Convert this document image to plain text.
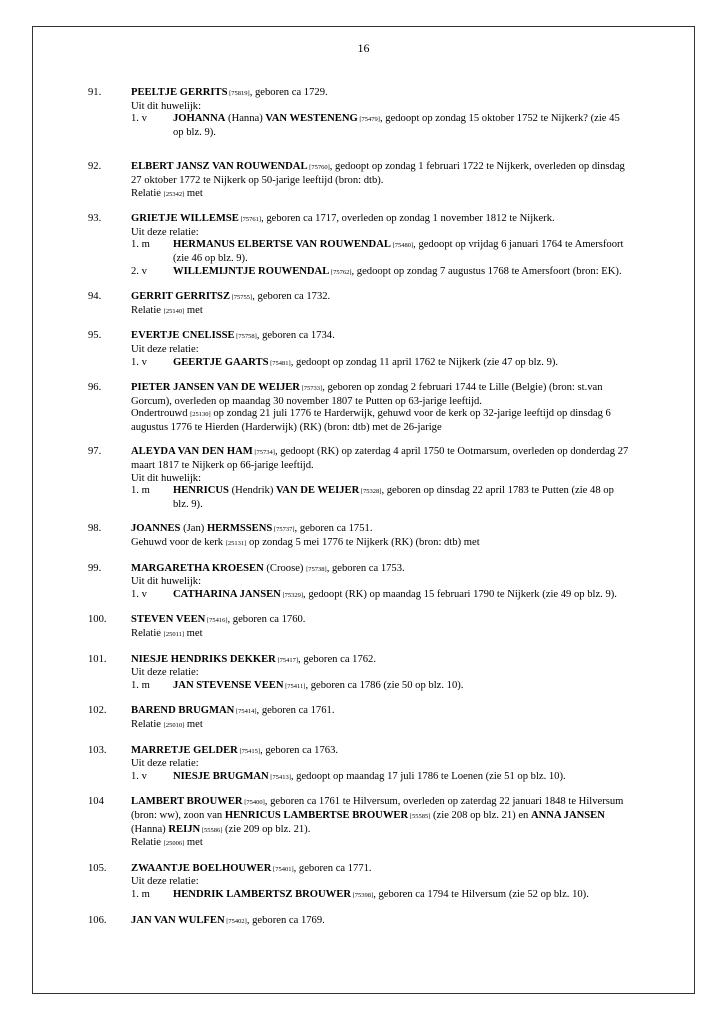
16
91.	PEELTJE GERRITS [75819], geboren ca 1729.
Uit dit huwelijk:
1. v JOHANNA (Hanna) VAN WESTENENG [75479], gedoopt op zondag 15 oktober 1752 te Nijkerk? (zie 45 op blz. 9).
92.	ELBERT JANSZ VAN ROUWENDAL [75760], gedoopt op zondag 1 februari 1722 te Nijkerk, overleden op dinsdag 27 oktober 1772 te Nijkerk op 50-jarige leeftijd (bron: dtb).
Relatie [25342] met
93.	GRIETJE WILLEMSE [75761], geboren ca 1717, overleden op zondag 1 november 1812 te Nijkerk.
Uit deze relatie:
1. m HERMANUS ELBERTSE VAN ROUWENDAL [75480], gedoopt op vrijdag 6 januari 1764 te Amersfoort (zie 46 op blz. 9).
2. v WILLEMIJNTJE ROUWENDAL [75762], gedoopt op zondag 7 augustus 1768 te Amersfoort (bron: EK).
94.	GERRIT GERRITSZ [75755], geboren ca 1732.
Relatie [25140] met
95.	EVERTJE CNELISSE [75758], geboren ca 1734.
Uit deze relatie:
1. v GEERTJE GAARTS [75481], gedoopt op zondag 11 april 1762 te Nijkerk (zie 47 op blz. 9).
96.	PIETER JANSEN VAN DE WEIJER [75733], geboren op zondag 2 februari 1744 te Lille (Belgie) (bron: st.van Gorcum), overleden op maandag 30 november 1807 te Putten op 63-jarige leeftijd.
Ondertrouwd [25130] op zondag 21 juli 1776 te Harderwijk, gehuwd voor de kerk op 32-jarige leeftijd op dinsdag 6 augustus 1776 te Hierden (Harderwijk) (RK) (bron: dtb) met de 26-jarige
97.	ALEYDA VAN DEN HAM [75734], gedoopt (RK) op zaterdag 4 april 1750 te Ootmarsum, overleden op donderdag 27 maart 1817 te Nijkerk op 66-jarige leeftijd.
Uit dit huwelijk:
1. m HENRICUS (Hendrik) VAN DE WEIJER [75328], geboren op dinsdag 22 april 1783 te Putten (zie 48 op blz. 9).
98.	JOANNES (Jan) HERMSSENS [75737], geboren ca 1751.
Gehuwd voor de kerk [25131] op zondag 5 mei 1776 te Nijkerk (RK) (bron: dtb) met
99.	MARGARETHA KROESEN (Croose) [75738], geboren ca 1753.
Uit dit huwelijk:
1. v CATHARINA JANSEN [75329], gedoopt (RK) op maandag 15 februari 1790 te Nijkerk (zie 49 op blz. 9).
100. STEVEN VEEN [75416], geboren ca 1760.
Relatie [25011] met
101. NIESJE HENDRIKS DEKKER [75417], geboren ca 1762.
Uit deze relatie:
1. m JAN STEVENSE VEEN [75411], geboren ca 1786 (zie 50 op blz. 10).
102. BAREND BRUGMAN [75414], geboren ca 1761.
Relatie [25010] met
103. MARRETJE GELDER [75415], geboren ca 1763.
Uit deze relatie:
1. v NIESJE BRUGMAN [75413], gedoopt op maandag 17 juli 1786 te Loenen (zie 51 op blz. 10).
104	LAMBERT BROUWER [75400], geboren ca 1761 te Hilversum, overleden op zaterdag 22 januari 1848 te Hilversum (bron: ww), zoon van HENRICUS LAMBERTSE BROUWER [55585] (zie 208 op blz. 21) en ANNA JANSEN (Hanna) REIJN [55586] (zie 209 op blz. 21).
Relatie [25006] met
105. ZWAANTJE BOELHOUWER [75401], geboren ca 1771.
Uit deze relatie:
1. m HENDRIK LAMBERTSZ BROUWER [75398], geboren ca 1794 te Hilversum (zie 52 op blz. 10).
106. JAN VAN WULFEN [75402], geboren ca 1769.
